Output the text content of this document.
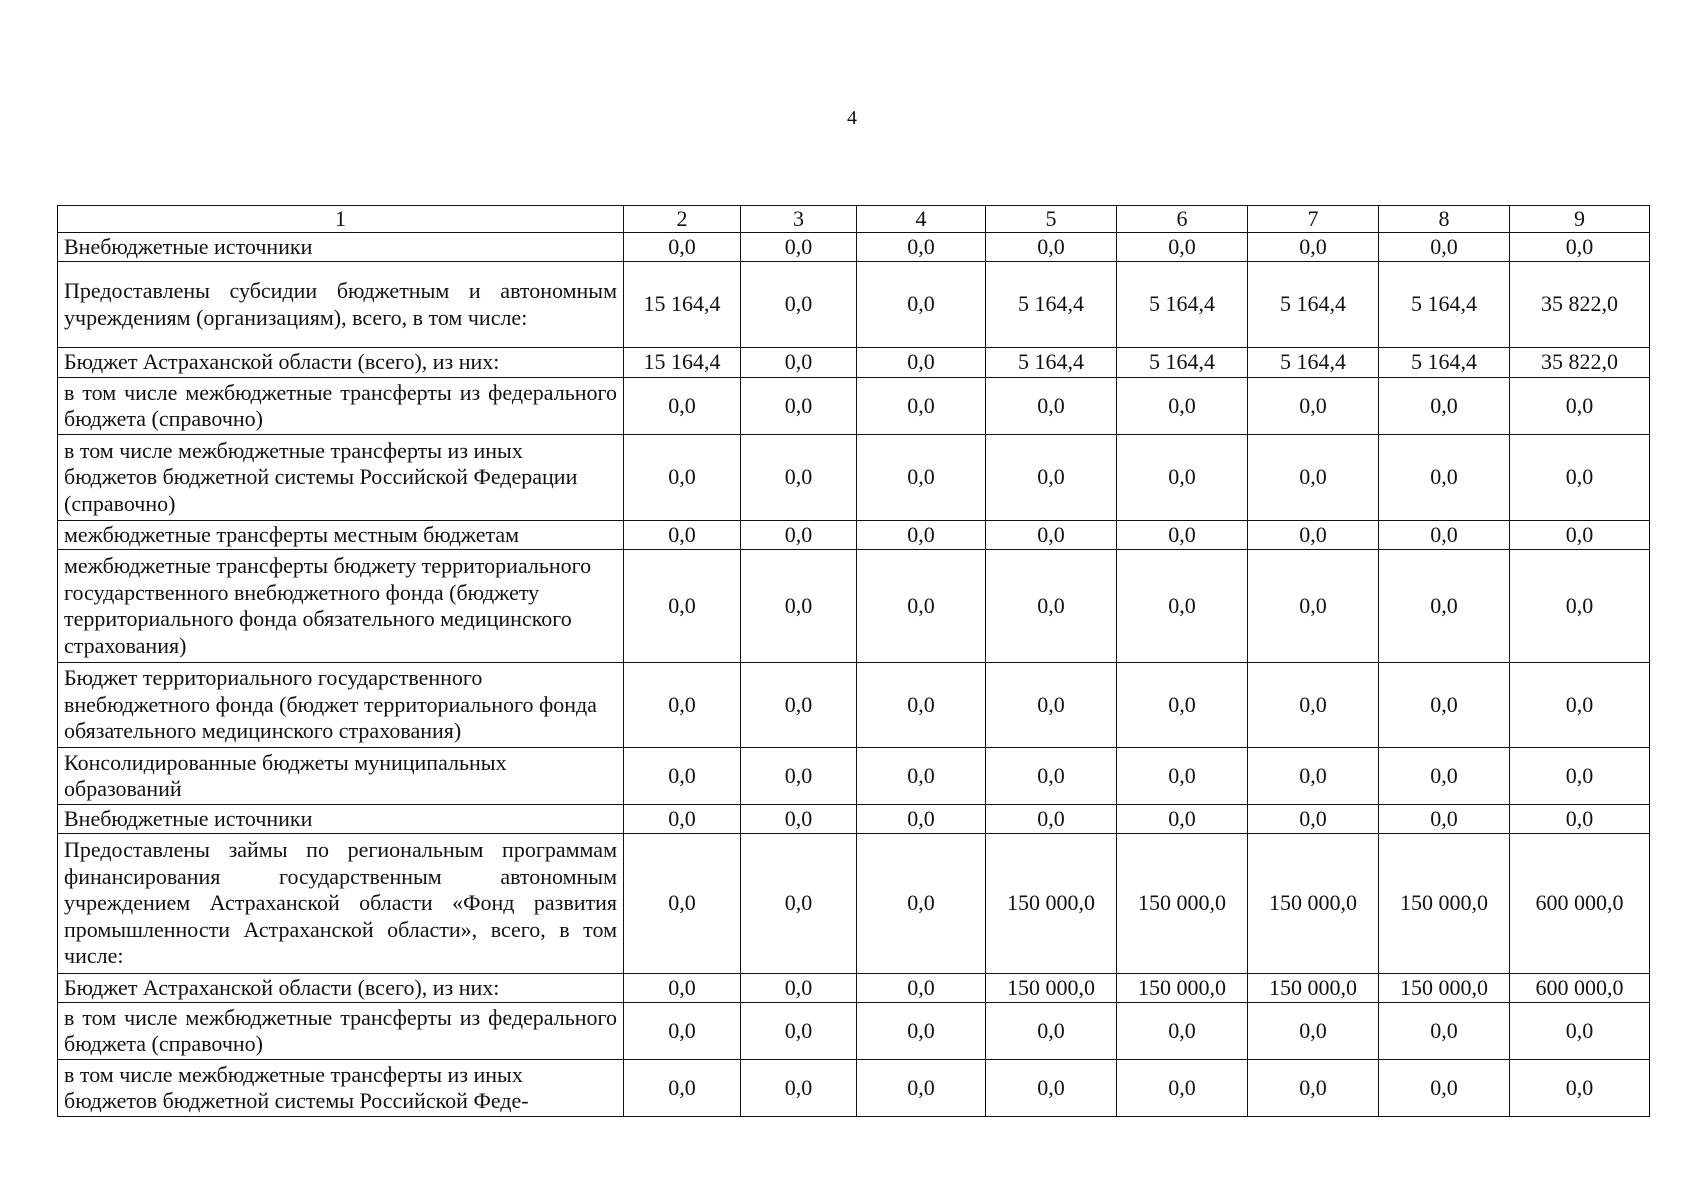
4
1	2	3	4	5	6	7	8	9
Внебюджетные источники	0,0	0,0	0,0	0,0	0,0	0,0	0,0	0,0
Предоставлены субсидии бюджетным и автономным учреждениям (организациям), всего, в том числе:	15 164,4	0,0	0,0	5 164,4	5 164,4	5 164,4	5 164,4	35 822,0
Бюджет Астраханской области (всего), из них:	15 164,4	0,0	0,0	5 164,4	5 164,4	5 164,4	5 164,4	35 822,0
в том числе межбюджетные трансферты из федерального бюджета (справочно)	0,0	0,0	0,0	0,0	0,0	0,0	0,0	0,0
в том числе межбюджетные трансферты из иных бюджетов бюджетной системы Российской Федерации (справочно)	0,0	0,0	0,0	0,0	0,0	0,0	0,0	0,0
межбюджетные трансферты местным бюджетам	0,0	0,0	0,0	0,0	0,0	0,0	0,0	0,0
межбюджетные трансферты бюджету территориального государственного внебюджетного фонда (бюджету территориального фонда обязательного медицинского страхования)	0,0	0,0	0,0	0,0	0,0	0,0	0,0	0,0
Бюджет территориального государственного внебюджетного фонда (бюджет территориального фонда обязательного медицинского страхования)	0,0	0,0	0,0	0,0	0,0	0,0	0,0	0,0
Консолидированные бюджеты муниципальных образований	0,0	0,0	0,0	0,0	0,0	0,0	0,0	0,0
Внебюджетные источники	0,0	0,0	0,0	0,0	0,0	0,0	0,0	0,0
Предоставлены займы по региональным программам финансирования государственным автономным учреждением Астраханской области «Фонд развития промышленности Астраханской области», всего, в том числе:	0,0	0,0	0,0	150 000,0	150 000,0	150 000,0	150 000,0	600 000,0
Бюджет Астраханской области (всего), из них:	0,0	0,0	0,0	150 000,0	150 000,0	150 000,0	150 000,0	600 000,0
в том числе межбюджетные трансферты из федерального бюджета (справочно)	0,0	0,0	0,0	0,0	0,0	0,0	0,0	0,0
в том числе межбюджетные трансферты из иных бюджетов бюджетной системы Российской Феде-	0,0	0,0	0,0	0,0	0,0	0,0	0,0	0,0
